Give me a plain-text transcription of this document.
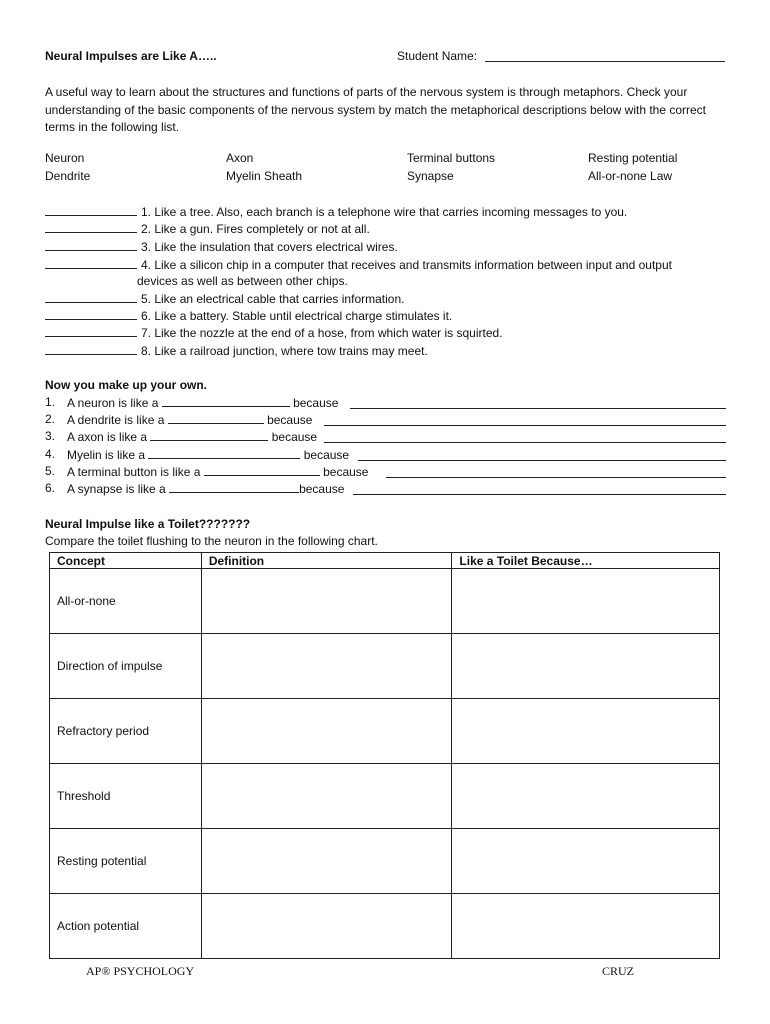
Neural Impulses are Like A…..	Student Name:
A useful way to learn about the structures and functions of parts of the nervous system is through metaphors. Check your understanding of the basic components of the nervous system by match the metaphorical descriptions below with the correct terms in the following list.
Neuron	Axon	Terminal buttons	Resting potential
Dendrite	Myelin Sheath	Synapse	All-or-none Law
1. Like a tree. Also, each branch is a telephone wire that carries incoming messages to you.
2. Like a gun. Fires completely or not at all.
3. Like the insulation that covers electrical wires.
4. Like a silicon chip in a computer that receives and transmits information between input and output
devices as well as between other chips.
5. Like an electrical cable that carries information.
6. Like a battery. Stable until electrical charge stimulates it.
7. Like the nozzle at the end of a hose, from which water is squirted.
8. Like a railroad junction, where tow trains may meet.
Now you make up your own.
1. A neuron is like a	because
2. A dendrite is like a	because
3. A axon is like a	because
4. Myelin is like a	because
5. A terminal button is like a	because
6. A synapse is like a	because
Neural Impulse like a Toilet???????
Compare the toilet flushing to the neuron in the following chart.
Concept	Definition	Like a Toilet Because…
All-or-none		
Direction of impulse		
Refractory period		
Threshold		
Resting potential		
Action potential		
AP® PSYCHOLOGY	CRUZ
